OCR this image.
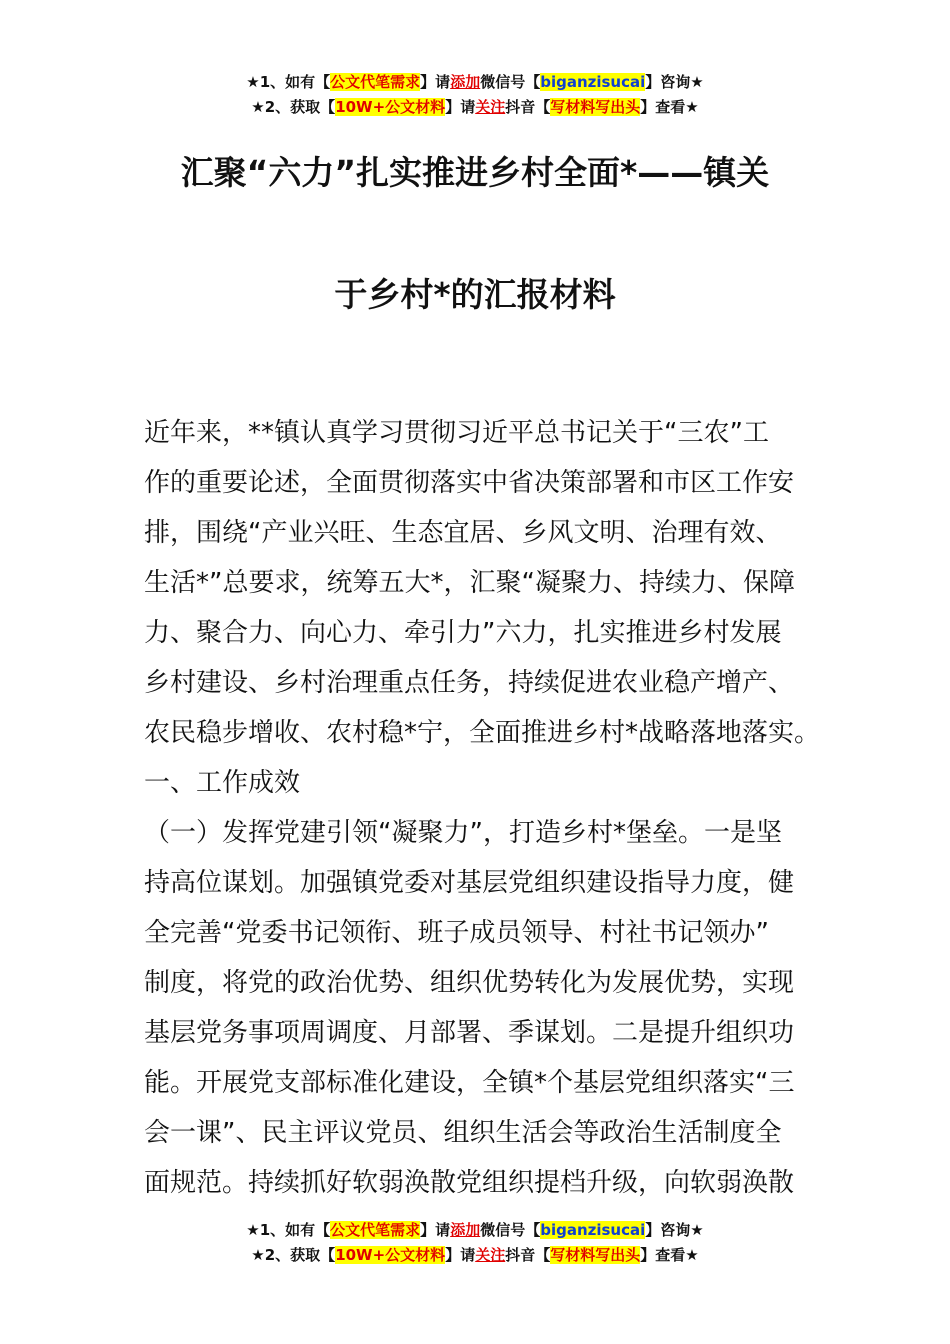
★1、如有【公文代笔需求】请添加微信号【biganzisucai】咨询★
★2、获取【10W+公文材料】请关注抖音【写材料写出头】查看★
汇聚“六力”扎实推进乡村全面*——镇关
于乡村*的汇报材料
近年来，**镇认真学习贯彻习近平总书记关于“三农”工
作的重要论述，全面贯彻落实中省决策部署和市区工作安
排，围绕“产业兴旺、生态宜居、乡风文明、治理有效、
生活*”总要求，统筹五大*，汇聚“凝聚力、持续力、保障
力、聚合力、向心力、牵引力”六力，扎实推进乡村发展
乡村建设、乡村治理重点任务，持续促进农业稳产增产、
农民稳步增收、农村稳*宁，全面推进乡村*战略落地落实。
一、工作成效
（一）发挥党建引领“凝聚力”，打造乡村*堡垒。一是坚
持高位谋划。加强镇党委对基层党组织建设指导力度，健
全完善“党委书记领衔、班子成员领导、村社书记领办”
制度，将党的政治优势、组织优势转化为发展优势，实现
基层党务事项周调度、月部署、季谋划。二是提升组织功
能。开展党支部标准化建设，全镇*个基层党组织落实“三
会一课”、民主评议党员、组织生活会等政治生活制度全
面规范。持续抓好软弱涣散党组织提档升级，向软弱涣散
★1、如有【公文代笔需求】请添加微信号【biganzisucai】咨询★
★2、获取【10W+公文材料】请关注抖音【写材料写出头】查看★
